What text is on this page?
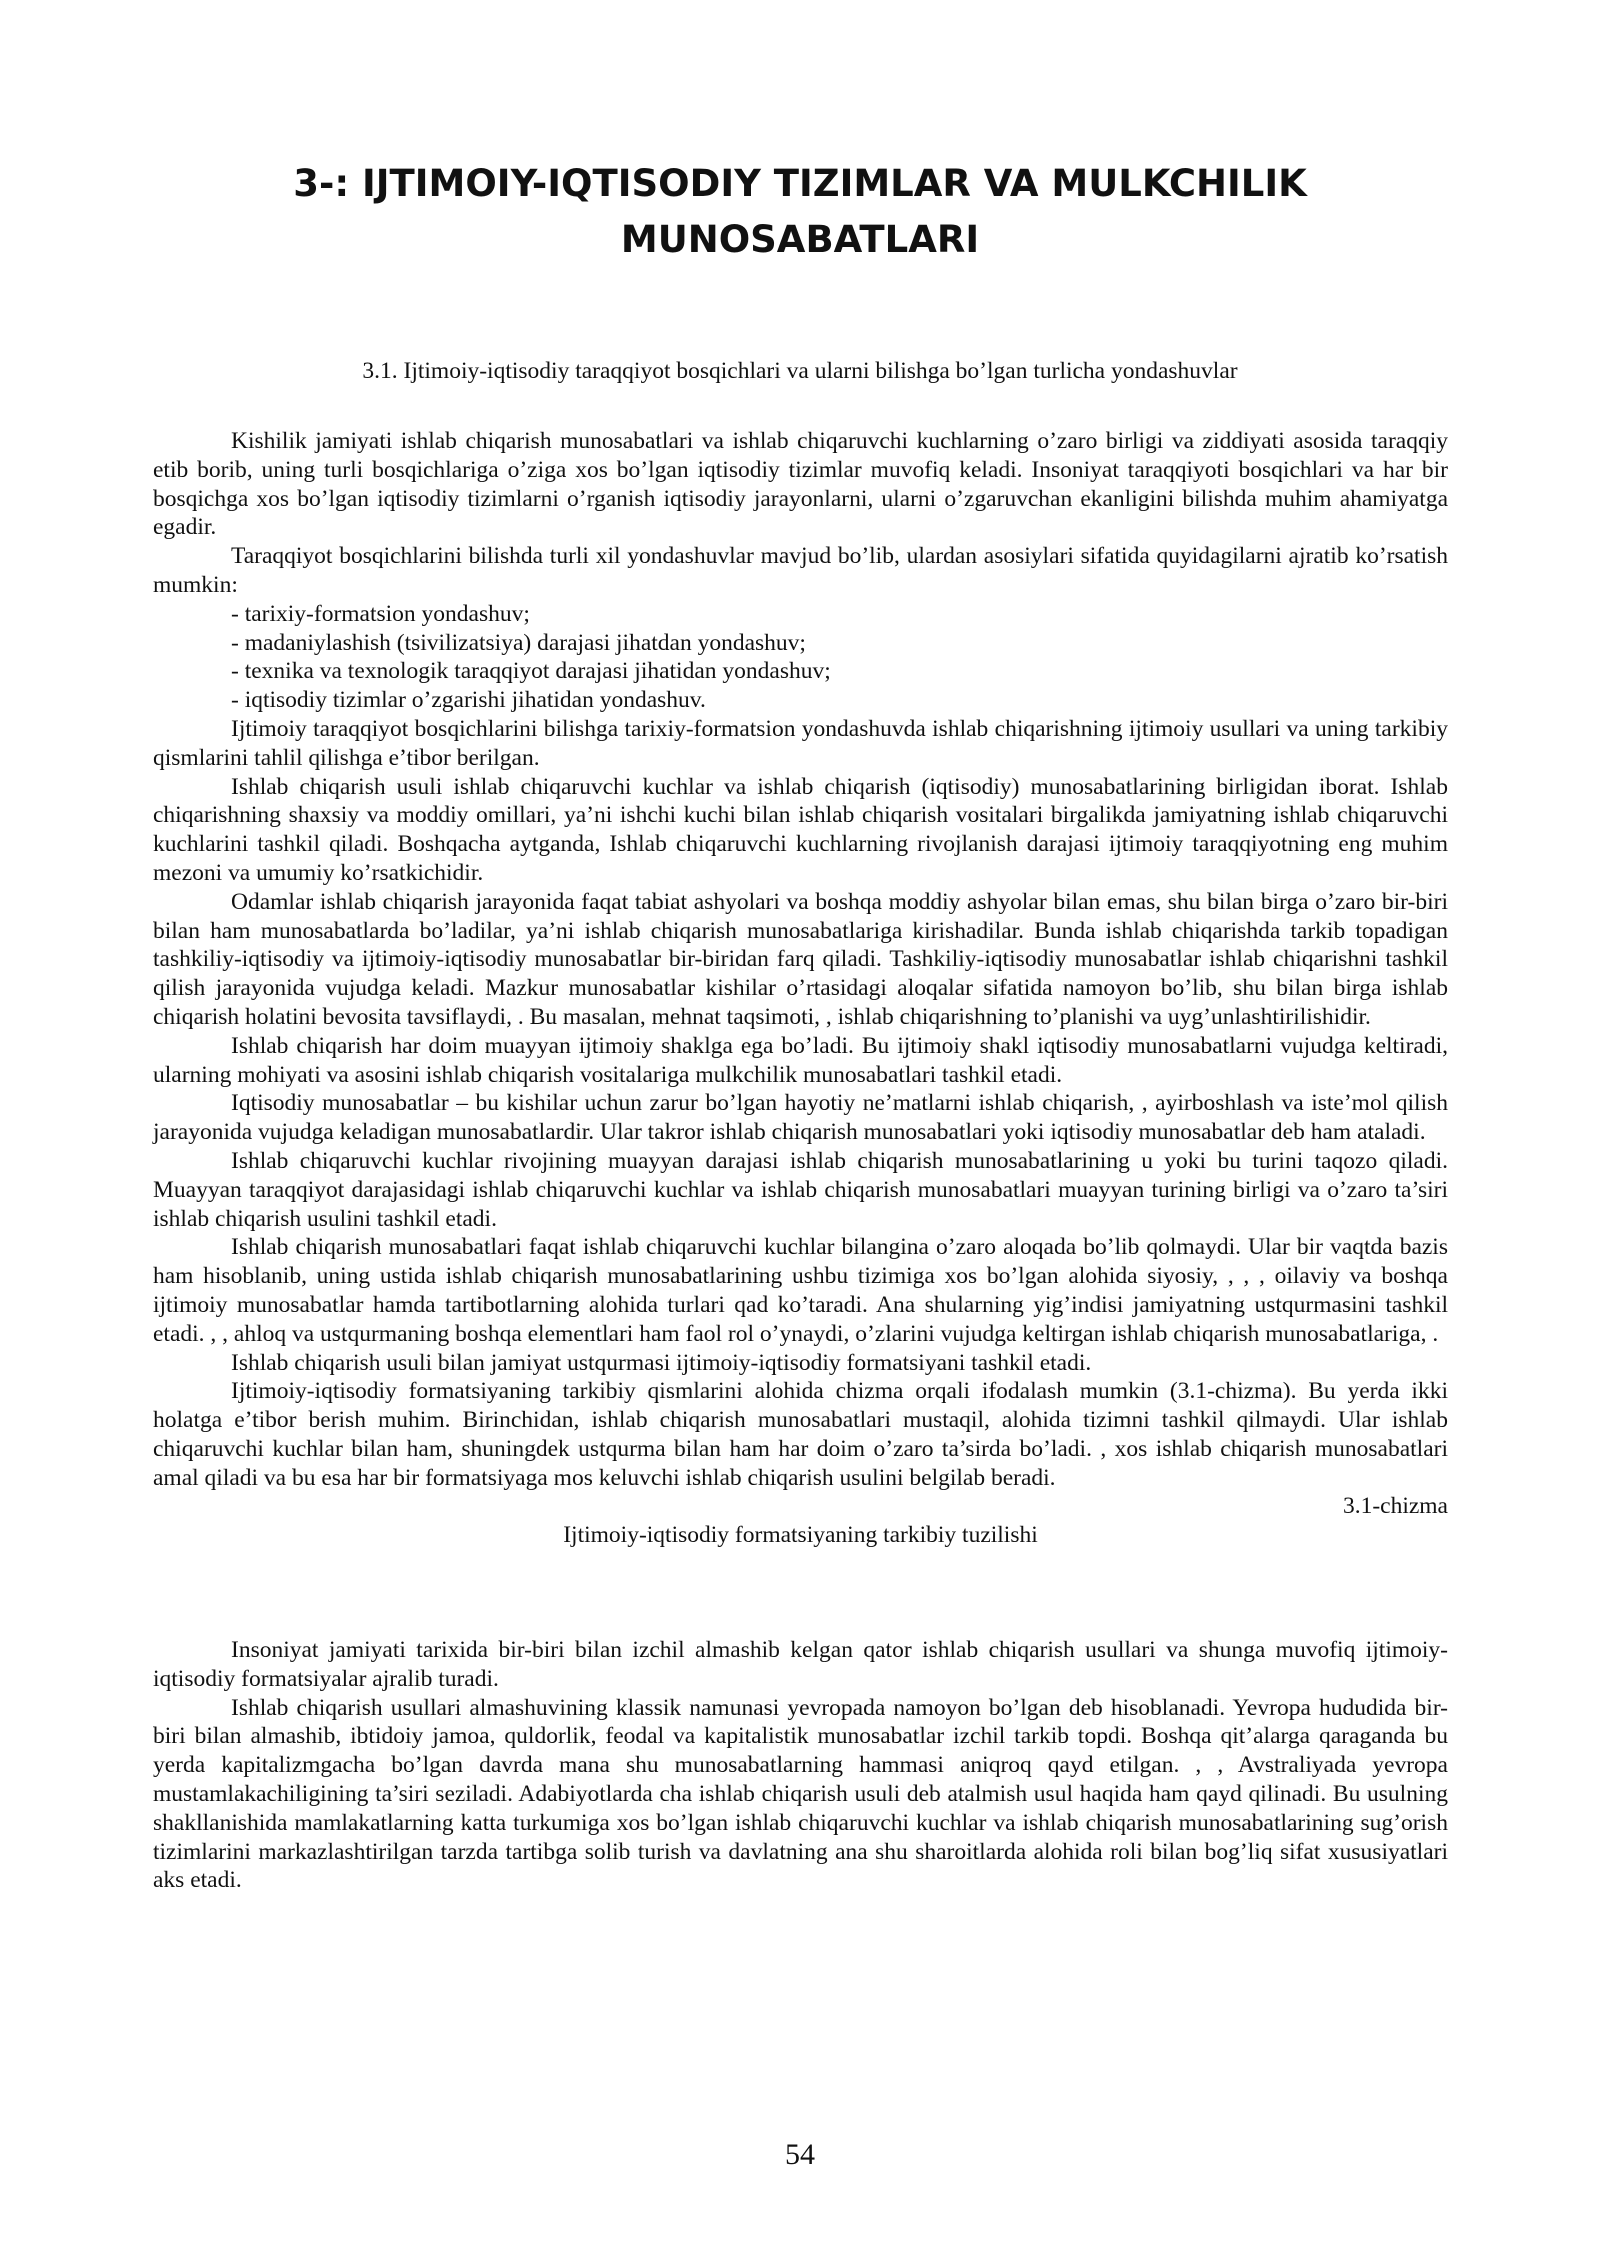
3-: IJTIMOIY-IQTISODIY TIZIMLAR VA MULKCHILIK
MUNOSABATLARI
3.1. Ijtimoiy-iqtisodiy taraqqiyot bosqichlari va ularni bilishga bo’lgan turlicha yondashuvlar

Kishilik jamiyati ishlab chiqarish munosabatlari va ishlab chiqaruvchi kuchlarning o’zaro birligi va ziddiyati asosida taraqqiy etib borib, uning turli bosqichlariga o’ziga xos bo’lgan iqtisodiy tizimlar muvofiq keladi. Insoniyat taraqqiyoti bosqichlari va har bir bosqichga xos bo’lgan iqtisodiy tizimlarni o’rganish iqtisodiy jarayonlarni, ularni o’zgaruvchan ekanligini bilishda muhim ahamiyatga egadir.

Taraqqiyot bosqichlarini bilishda turli xil yondashuvlar mavjud bo’lib, ulardan asosiylari sifatida quyidagilarni ajratib ko’rsatish mumkin:

- tarixiy-formatsion yondashuv;
- madaniylashish (tsivilizatsiya) darajasi jihatdan yondashuv;
- texnika va texnologik taraqqiyot darajasi jihatidan yondashuv;
- iqtisodiy tizimlar o’zgarishi jihatidan yondashuv.

Ijtimoiy taraqqiyot bosqichlarini bilishga tarixiy-formatsion yondashuvda ishlab chiqarishning ijtimoiy usullari va uning tarkibiy qismlarini tahlil qilishga e’tibor berilgan.

Ishlab chiqarish usuli ishlab chiqaruvchi kuchlar va ishlab chiqarish (iqtisodiy) munosabatlarining birligidan iborat. Ishlab chiqarishning shaxsiy va moddiy omillari, ya’ni ishchi kuchi bilan ishlab chiqarish vositalari birgalikda jamiyatning ishlab chiqaruvchi kuchlarini tashkil qiladi. Boshqacha aytganda, Ishlab chiqaruvchi kuchlarning rivojlanish darajasi ijtimoiy taraqqiyotning eng muhim mezoni va umumiy ko’rsatkichidir.

Odamlar ishlab chiqarish jarayonida faqat tabiat ashyolari va boshqa moddiy ashyolar bilan emas, shu bilan birga o’zaro bir-biri bilan ham munosabatlarda bo’ladilar, ya’ni ishlab chiqarish munosabatlariga kirishadilar. Bunda ishlab chiqarishda tarkib topadigan tashkiliy-iqtisodiy va ijtimoiy-iqtisodiy munosabatlar bir-biridan farq qiladi. Tashkiliy-iqtisodiy munosabatlar ishlab chiqarishni tashkil qilish jarayonida vujudga keladi. Mazkur munosabatlar kishilar o’rtasidagi aloqalar sifatida namoyon bo’lib, shu bilan birga ishlab chiqarish holatini bevosita tavsiflaydi, . Bu masalan, mehnat taqsimoti, , ishlab chiqarishning to’planishi va uyg’unlashtirilishidir.

Ishlab chiqarish har doim muayyan ijtimoiy shaklga ega bo’ladi. Bu ijtimoiy shakl iqtisodiy munosabatlarni vujudga keltiradi, ularning mohiyati va asosini ishlab chiqarish vositalariga mulkchilik munosabatlari tashkil etadi.

Iqtisodiy munosabatlar – bu kishilar uchun zarur bo’lgan hayotiy ne’matlarni ishlab chiqarish, , ayirboshlash va iste’mol qilish jarayonida vujudga keladigan munosabatlardir. Ular takror ishlab chiqarish munosabatlari yoki iqtisodiy munosabatlar deb ham ataladi.

Ishlab chiqaruvchi kuchlar rivojining muayyan darajasi ishlab chiqarish munosabatlarining u yoki bu turini taqozo qiladi. Muayyan taraqqiyot darajasidagi ishlab chiqaruvchi kuchlar va ishlab chiqarish munosabatlari muayyan turining birligi va o’zaro ta’siri ishlab chiqarish usulini tashkil etadi.

Ishlab chiqarish munosabatlari faqat ishlab chiqaruvchi kuchlar bilangina o’zaro aloqada bo’lib qolmaydi. Ular bir vaqtda bazis ham hisoblanib, uning ustida ishlab chiqarish munosabatlarining ushbu tizimiga xos bo’lgan alohida siyosiy, , , , oilaviy va boshqa ijtimoiy munosabatlar hamda tartibotlarning alohida turlari qad ko’taradi. Ana shularning yig’indisi jamiyatning ustqurmasini tashkil etadi. , , ahloq va ustqurmaning boshqa elementlari ham faol rol o’ynaydi, o’zlarini vujudga keltirgan ishlab chiqarish munosabatlariga, .

Ishlab chiqarish usuli bilan jamiyat ustqurmasi ijtimoiy-iqtisodiy formatsiyani tashkil etadi.

Ijtimoiy-iqtisodiy formatsiyaning tarkibiy qismlarini alohida chizma orqali ifodalash mumkin (3.1-chizma). Bu yerda ikki holatga e’tibor berish muhim. Birinchidan, ishlab chiqarish munosabatlari mustaqil, alohida tizimni tashkil qilmaydi. Ular ishlab chiqaruvchi kuchlar bilan ham, shuningdek ustqurma bilan ham har doim o’zaro ta’sirda bo’ladi. , xos ishlab chiqarish munosabatlari amal qiladi va bu esa har bir formatsiyaga mos keluvchi ishlab chiqarish usulini belgilab beradi.

3.1-chizma
Ijtimoiy-iqtisodiy formatsiyaning tarkibiy tuzilishi

Insoniyat jamiyati tarixida bir-biri bilan izchil almashib kelgan qator ishlab chiqarish usullari va shunga muvofiq ijtimoiy-iqtisodiy formatsiyalar ajralib turadi.

Ishlab chiqarish usullari almashuvining klassik namunasi yevropada namoyon bo’lgan deb hisoblanadi. Yevropa hududida bir-biri bilan almashib, ibtidoiy jamoa, quldorlik, feodal va kapitalistik munosabatlar izchil tarkib topdi. Boshqa qit’alarga qaraganda bu yerda kapitalizmgacha bo’lgan davrda mana shu munosabatlarning hammasi aniqroq qayd etilgan. , , Avstraliyada yevropa mustamlakachiligining ta’siri seziladi. Adabiyotlarda cha ishlab chiqarish usuli deb atalmish usul haqida ham qayd qilinadi. Bu usulning shakllanishida mamlakatlarning katta turkumiga xos bo’lgan ishlab chiqaruvchi kuchlar va ishlab chiqarish munosabatlarining sug’orish tizimlarini markazlashtirilgan tarzda tartibga solib turish va davlatning ana shu sharoitlarda alohida roli bilan bog’liq sifat xususiyatlari aks etadi.

54
